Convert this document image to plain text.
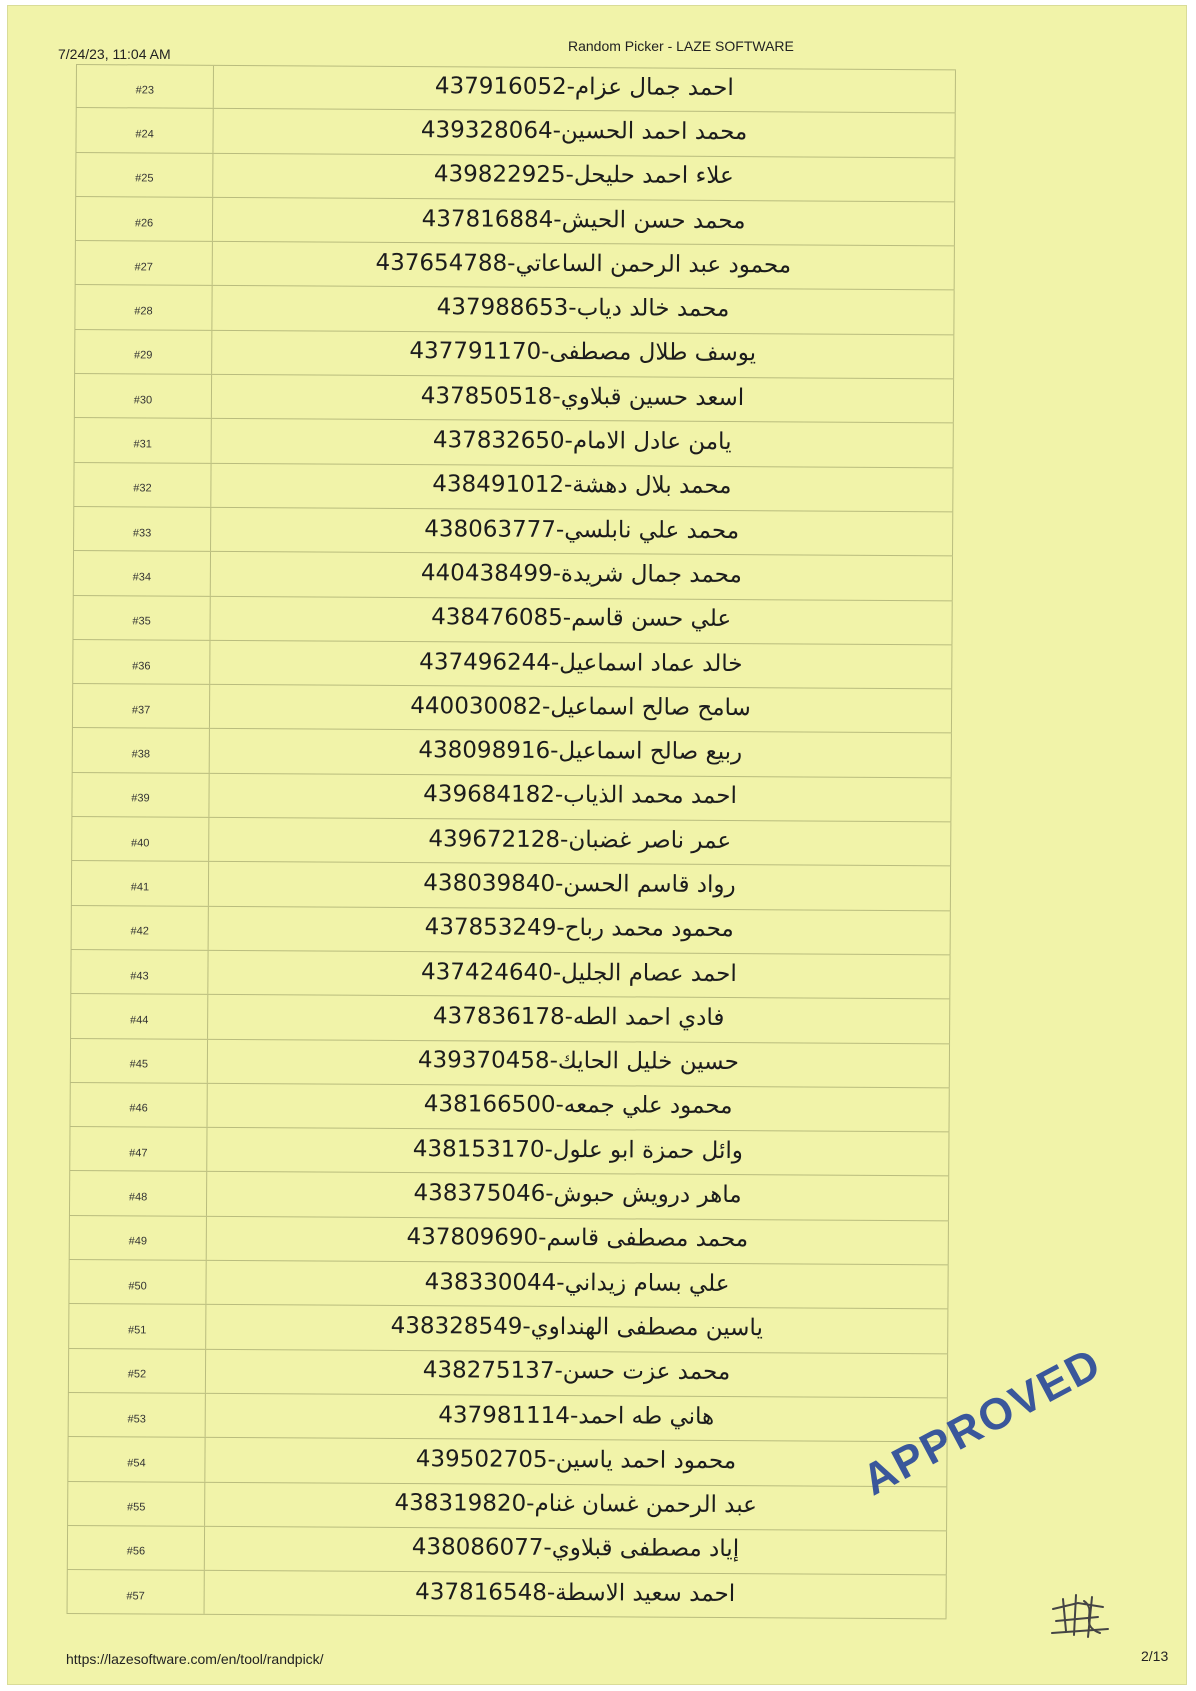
7/24/23, 11:04 AM	Random Picker - LAZE SOFTWARE
#23	احمد جمال عزام-437916052
#24	محمد احمد الحسين-439328064
#25	علاء احمد حليحل-439822925
#26	محمد حسن الحيش-437816884
#27	محمود عبد الرحمن الساعاتي-437654788
#28	محمد خالد دياب-437988653
#29	يوسف طلال مصطفى-437791170
#30	اسعد حسين قبلاوي-437850518
#31	يامن عادل الامام-437832650
#32	محمد بلال دهشة-438491012
#33	محمد علي نابلسي-438063777
#34	محمد جمال شريدة-440438499
#35	علي حسن قاسم-438476085
#36	خالد عماد اسماعيل-437496244
#37	سامح صالح اسماعيل-440030082
#38	ربيع صالح اسماعيل-438098916
#39	احمد محمد الذياب-439684182
#40	عمر ناصر غضبان-439672128
#41	رواد قاسم الحسن-438039840
#42	محمود محمد رباح-437853249
#43	احمد عصام الجليل-437424640
#44	فادي احمد الطه-437836178
#45	حسين خليل الحايك-439370458
#46	محمود علي جمعه-438166500
#47	وائل حمزة ابو علول-438153170
#48	ماهر درويش حبوش-438375046
#49	محمد مصطفى قاسم-437809690
#50	علي بسام زيداني-438330044
#51	ياسين مصطفى الهنداوي-438328549
#52	محمد عزت حسن-438275137
#53	هاني طه احمد-437981114
#54	محمود احمد ياسين-439502705
#55	عبد الرحمن غسان غنام-438319820
#56	إياد مصطفى قبلاوي-438086077
#57	احمد سعيد الاسطة-437816548
APPROVED
https://lazesoftware.com/en/tool/randpick/	2/13
